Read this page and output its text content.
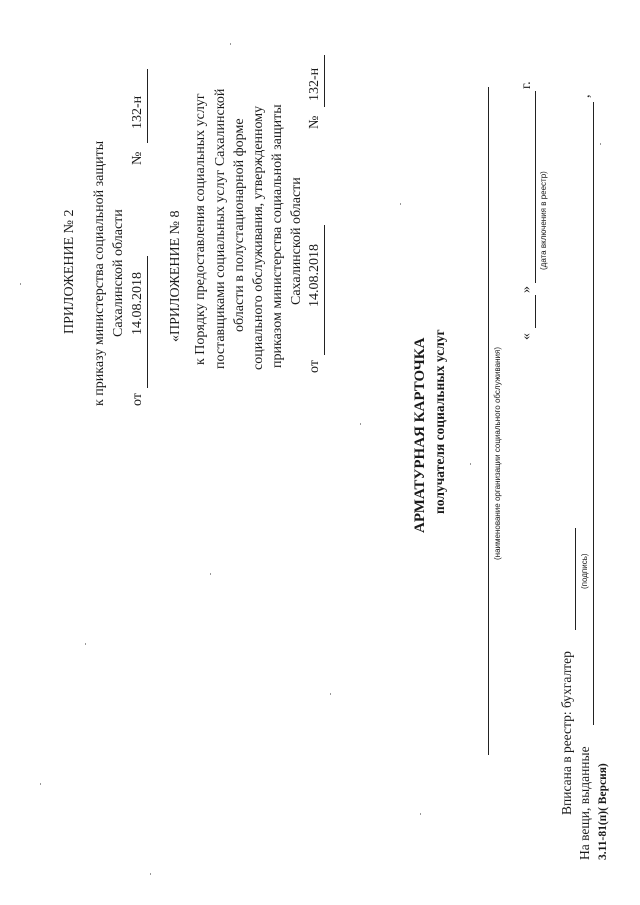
ПРИЛОЖЕНИЕ № 2 к приказу министерства социальной защиты Сахалинской области
от
14.08.2018
№
132-н
«ПРИЛОЖЕНИЕ № 8 к Порядку предоставления социальных услуг поставщиками социальных услуг Сахалинской области в полустационарной форме социального обслуживания, утвержденному приказом министерства социальной защиты Сахалинской области
от
14.08.2018
№
132-н
АРМАТУРНАЯ КАРТОЧКА получателя социальных услуг	(наименование организации социального обслуживания)
«
»
г.
(дата включения в реестр)
Вписана в реестр: бухгалтер
(подпись)
На вещи, выданные
,
3.11-81(п)( Версия)
